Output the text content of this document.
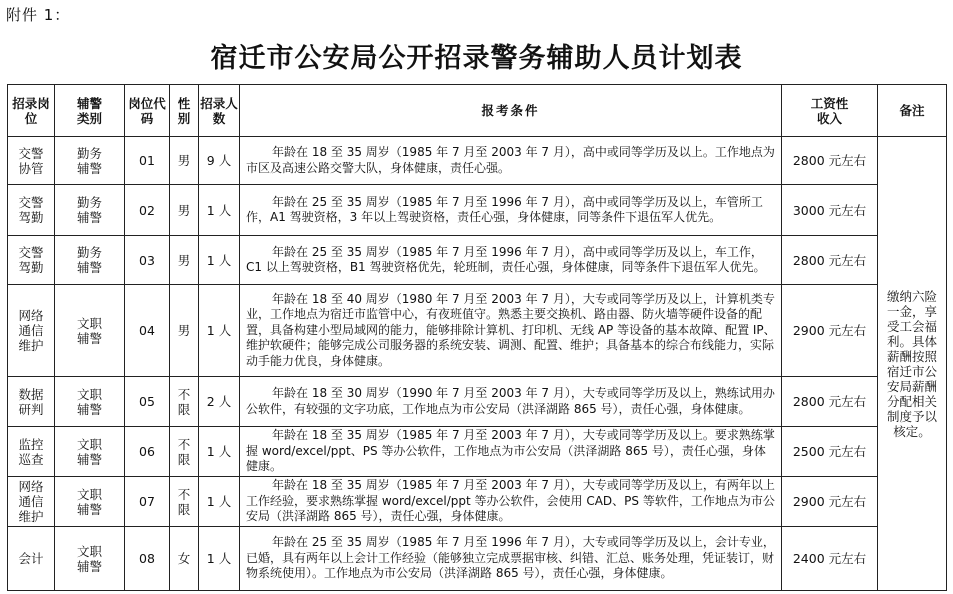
附件 1：
宿迁市公安局公开招录警务辅助人员计划表
招录岗位	辅警类别	岗位代码	性别	招录人数	报考条件	工资性收入	备注
交警协管	勤务辅警	01	男	9 人	年龄在 18 至 35 周岁（1985 年 7 月至 2003 年 7 月），高中或同等学历及以上。工作地点为市区及高速公路交警大队，身体健康，责任心强。	2800 元左右	缴纳六险一金，享受工会福利。具体薪酬按照宿迁市公安局薪酬分配相关制度予以核定。
交警驾勤	勤务辅警	02	男	1 人	年龄在 25 至 35 周岁（1985 年 7 月至 1996 年 7 月），高中或同等学历及以上，车管所工作，A1 驾驶资格，3 年以上驾驶资格，责任心强，身体健康，同等条件下退伍军人优先。	3000 元左右	
交警驾勤	勤务辅警	03	男	1 人	年龄在 25 至 35 周岁（1985 年 7 月至 1996 年 7 月），高中或同等学历及以上，车工作，C1 以上驾驶资格，B1 驾驶资格优先，轮班制，责任心强，身体健康，同等条件下退伍军人优先。	2800 元左右	
网络通信维护	文职辅警	04	男	1 人	年龄在 18 至 40 周岁（1980 年 7 月至 2003 年 7 月），大专或同等学历及以上，计算机类专业，工作地点为宿迁市监管中心，有夜班值守。熟悉主要交换机、路由器、防火墙等硬件设备的配置，具备构建小型局域网的能力，能够排除计算机、打印机、无线 AP 等设备的基本故障、配置 IP、维护软硬件；能够完成公司服务器的系统安装、调测、配置、维护；具备基本的综合布线能力，实际动手能力优良，身体健康。	2900 元左右	
数据研判	文职辅警	05	不限	2 人	年龄在 18 至 30 周岁（1990 年 7 月至 2003 年 7 月），大专或同等学历及以上，熟练试用办公软件，有较强的文字功底，工作地点为市公安局（洪泽湖路 865 号），责任心强，身体健康。	2800 元左右	
监控巡查	文职辅警	06	不限	1 人	年龄在 18 至 35 周岁（1985 年 7 月至 2003 年 7 月），大专或同等学历及以上。要求熟练掌握 word/excel/ppt、PS 等办公软件，工作地点为市公安局（洪泽湖路 865 号），责任心强，身体健康。	2500 元左右	
网络通信维护	文职辅警	07	不限	1 人	年龄在 18 至 35 周岁（1985 年 7 月至 2003 年 7 月），大专或同等学历及以上，有两年以上工作经验，要求熟练掌握 word/excel/ppt 等办公软件，会使用 CAD、PS 等软件，工作地点为市公安局（洪泽湖路 865 号），责任心强，身体健康。	2900 元左右	
会计	文职辅警	08	女	1 人	年龄在 25 至 35 周岁（1985 年 7 月至 1996 年 7 月），大专或同等学历及以上，会计专业，已婚，具有两年以上会计工作经验（能够独立完成票据审核、纠错、汇总、账务处理，凭证装订，财物系统使用）。工作地点为市公安局（洪泽湖路 865 号），责任心强，身体健康。	2400 元左右	
